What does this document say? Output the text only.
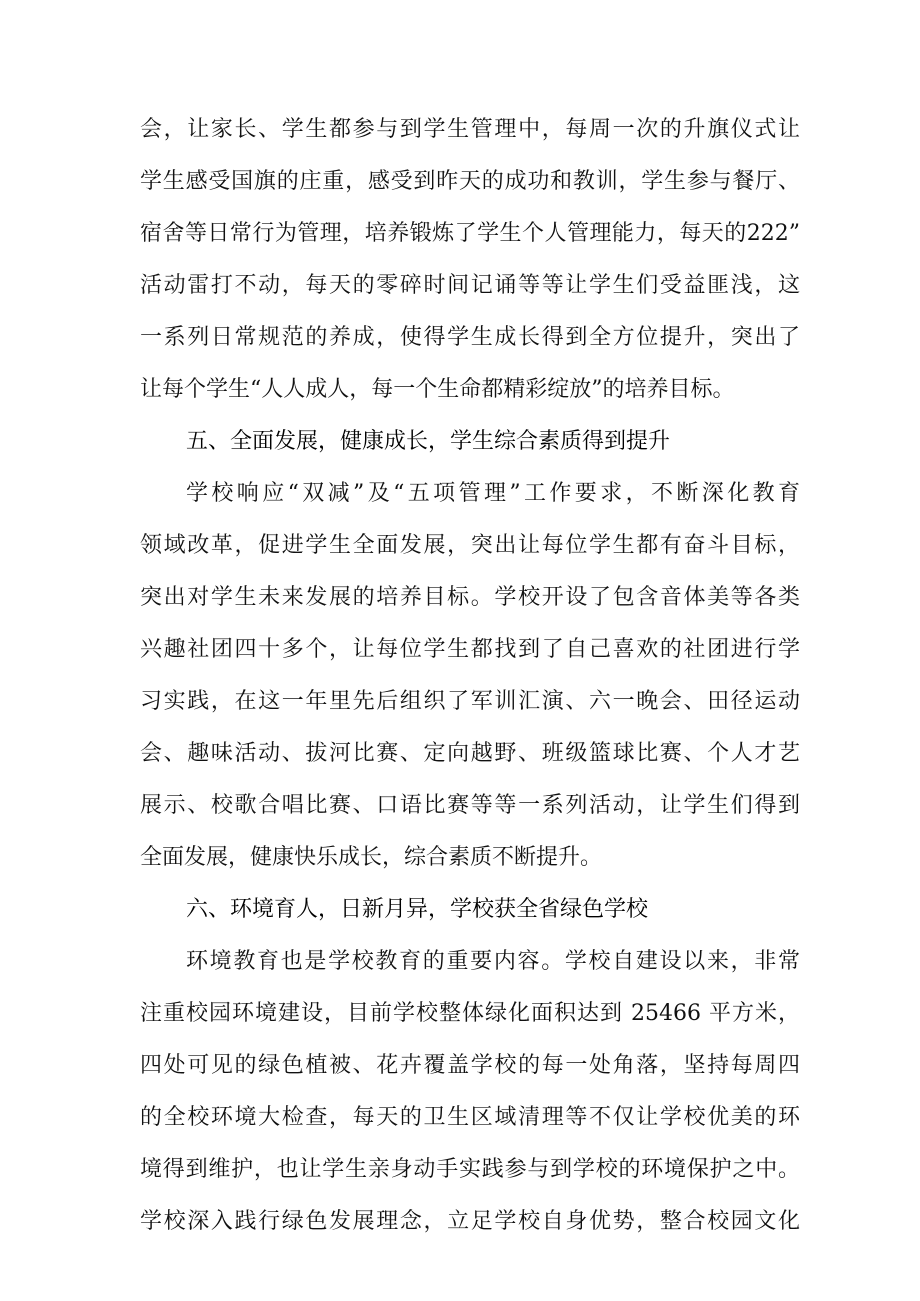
会，让家长、学生都参与到学生管理中，每周一次的升旗仪式让
学生感受国旗的庄重，感受到昨天的成功和教训，学生参与餐厅、
宿舍等日常行为管理，培养锻炼了学生个人管理能力，每天的222”
活动雷打不动，每天的零碎时间记诵等等让学生们受益匪浅，这
一系列日常规范的养成，使得学生成长得到全方位提升，突出了
让每个学生“人人成人，每一个生命都精彩绽放”的培养目标。
五、全面发展，健康成长，学生综合素质得到提升
学校响应“双减”及“五项管理”工作要求，不断深化教育
领域改革，促进学生全面发展，突出让每位学生都有奋斗目标，
突出对学生未来发展的培养目标。学校开设了包含音体美等各类
兴趣社团四十多个，让每位学生都找到了自己喜欢的社团进行学
习实践，在这一年里先后组织了军训汇演、六一晚会、田径运动
会、趣味活动、拔河比赛、定向越野、班级篮球比赛、个人才艺
展示、校歌合唱比赛、口语比赛等等一系列活动，让学生们得到
全面发展，健康快乐成长，综合素质不断提升。
六、环境育人，日新月异，学校获全省绿色学校
环境教育也是学校教育的重要内容。学校自建设以来，非常
注重校园环境建设，目前学校整体绿化面积达到 25466 平方米，
四处可见的绿色植被、花卉覆盖学校的每一处角落，坚持每周四
的全校环境大检查，每天的卫生区域清理等不仅让学校优美的环
境得到维护，也让学生亲身动手实践参与到学校的环境保护之中。
学校深入践行绿色发展理念，立足学校自身优势，整合校园文化
